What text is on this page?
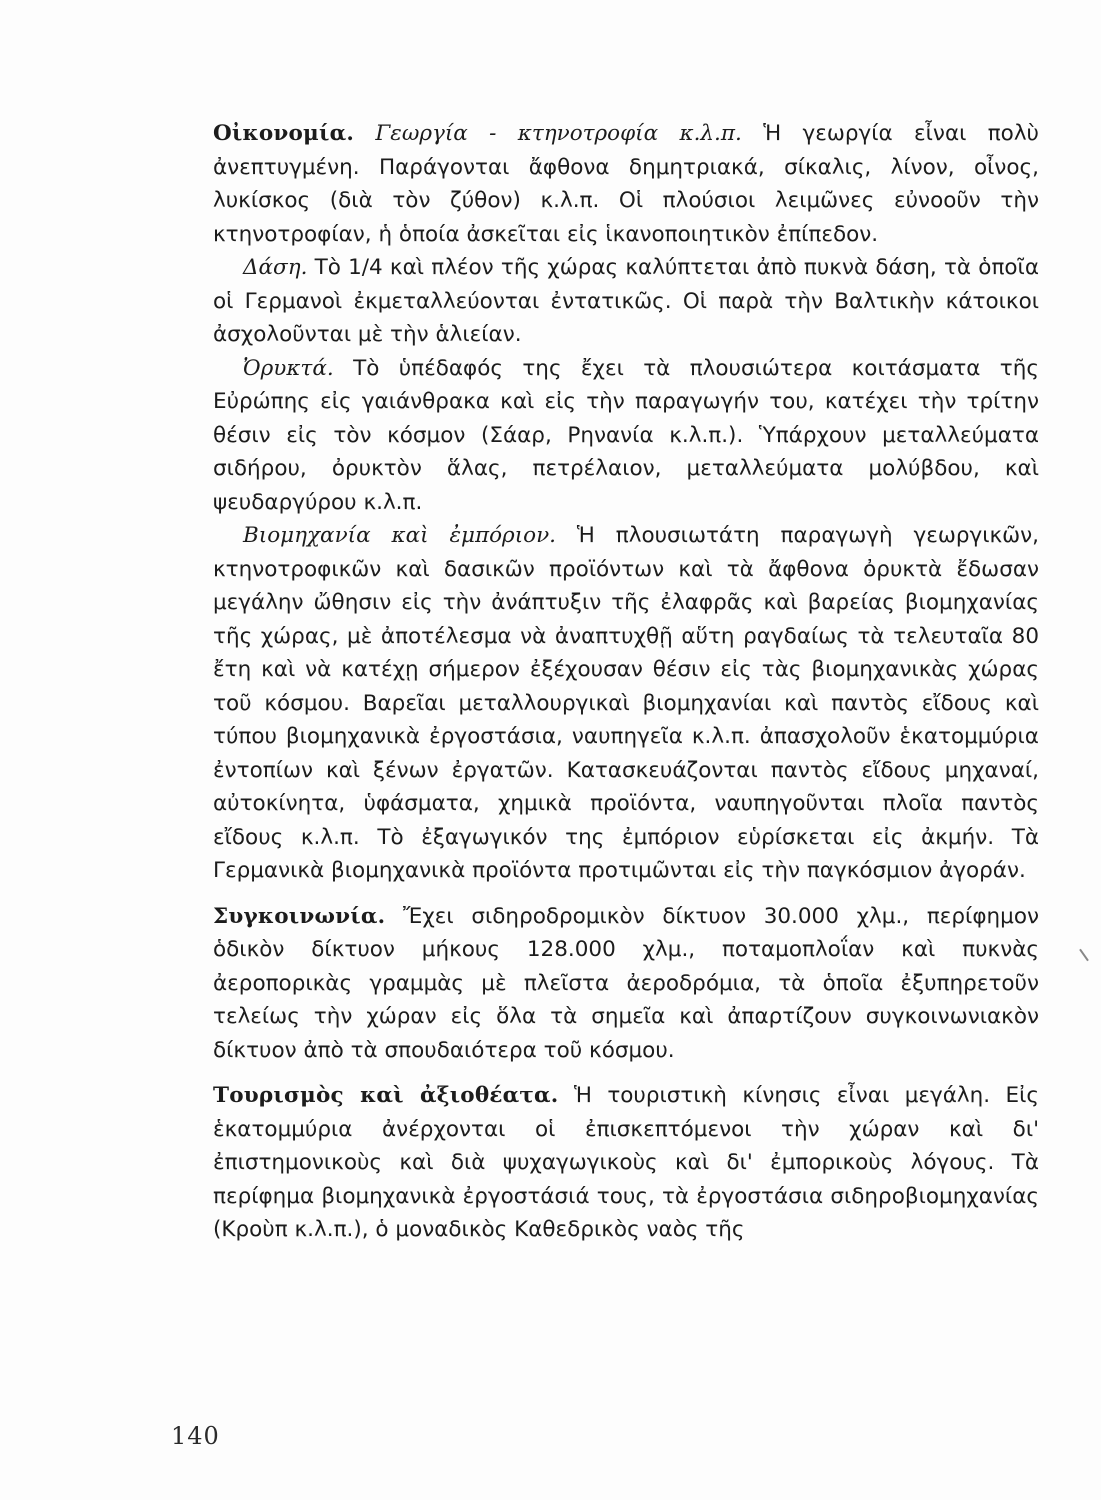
Οἰκονομία. Γεωργία - κτηνοτροφία κ.λ.π. Ἡ γεωργία εἶναι πολὺ ἀνεπτυγμένη. Παράγονται ἄφθονα δημητριακά, σίκαλις, λίνον, οἶνος, λυκίσκος (διὰ τὸν ζύθον) κ.λ.π. Οἱ πλούσιοι λειμῶνες εὐνοοῦν τὴν κτηνοτροφίαν, ἡ ὁποία ἀσκεῖται εἰς ἱκανοποιητικὸν ἐπίπεδον.

Δάση. Τὸ 1/4 καὶ πλέον τῆς χώρας καλύπτεται ἀπὸ πυκνὰ δάση, τὰ ὁποῖα οἱ Γερμανοὶ ἐκμεταλλεύονται ἐντατικῶς. Οἱ παρὰ τὴν Βαλτικὴν κάτοικοι ἀσχολοῦνται μὲ τὴν ἁλιείαν.

Ὀρυκτά. Τὸ ὑπέδαφός της ἔχει τὰ πλουσιώτερα κοιτάσματα τῆς Εὐρώπης εἰς γαιάνθρακα καὶ εἰς τὴν παραγωγήν του, κατέχει τὴν τρίτην θέσιν εἰς τὸν κόσμον (Σάαρ, Ρηνανία κ.λ.π.). Ὑπάρχουν μεταλλεύματα σιδήρου, ὀρυκτὸν ἅλας, πετρέλαιον, μεταλλεύματα μολύβδου, καὶ ψευδαργύρου κ.λ.π.

Βιομηχανία καὶ ἐμπόριον. Ἡ πλουσιωτάτη παραγωγὴ γεωργικῶν, κτηνοτροφικῶν καὶ δασικῶν προϊόντων καὶ τὰ ἄφθονα ὀρυκτὰ ἔδωσαν μεγάλην ὤθησιν εἰς τὴν ἀνάπτυξιν τῆς ἐλαφρᾶς καὶ βαρείας βιομηχανίας τῆς χώρας, μὲ ἀποτέλεσμα νὰ ἀναπτυχθῇ αὕτη ραγδαίως τὰ τελευταῖα 80 ἔτη καὶ νὰ κατέχῃ σήμερον ἐξέχουσαν θέσιν εἰς τὰς βιομηχανικὰς χώρας τοῦ κόσμου. Βαρεῖαι μεταλλουργικαὶ βιομηχανίαι καὶ παντὸς εἴδους καὶ τύπου βιομηχανικὰ ἐργοστάσια, ναυπηγεῖα κ.λ.π. ἀπασχολοῦν ἑκατομμύρια ἐντοπίων καὶ ξένων ἐργατῶν. Κατασκευάζονται παντὸς εἴδους μηχαναί, αὐτοκίνητα, ὑφάσματα, χημικὰ προϊόντα, ναυπηγοῦνται πλοῖα παντὸς εἴδους κ.λ.π. Τὸ ἐξαγωγικόν της ἐμπόριον εὑρίσκεται εἰς ἀκμήν. Τὰ Γερμανικὰ βιομηχανικὰ προϊόντα προτιμῶνται εἰς τὴν παγκόσμιον ἀγοράν.

Συγκοινωνία. Ἔχει σιδηροδρομικὸν δίκτυον 30.000 χλμ., περίφημον ὁδικὸν δίκτυον μήκους 128.000 χλμ., ποταμοπλοΐαν καὶ πυκνὰς ἀεροπορικὰς γραμμὰς μὲ πλεῖστα ἀεροδρόμια, τὰ ὁποῖα ἐξυπηρετοῦν τελείως τὴν χώραν εἰς ὅλα τὰ σημεῖα καὶ ἀπαρτίζουν συγκοινωνιακὸν δίκτυον ἀπὸ τὰ σπουδαιότερα τοῦ κόσμου.

Τουρισμὸς καὶ ἀξιοθέατα. Ἡ τουριστικὴ κίνησις εἶναι μεγάλη. Εἰς ἑκατομμύρια ἀνέρχονται οἱ ἐπισκεπτόμενοι τὴν χώραν καὶ δι' ἐπιστημονικοὺς καὶ διὰ ψυχαγωγικοὺς καὶ δι' ἐμπορικοὺς λόγους. Τὰ περίφημα βιομηχανικὰ ἐργοστάσιά τους, τὰ ἐργοστάσια σιδηροβιομηχανίας (Κροὺπ κ.λ.π.), ὁ μοναδικὸς Καθεδρικὸς ναὸς τῆς

140
